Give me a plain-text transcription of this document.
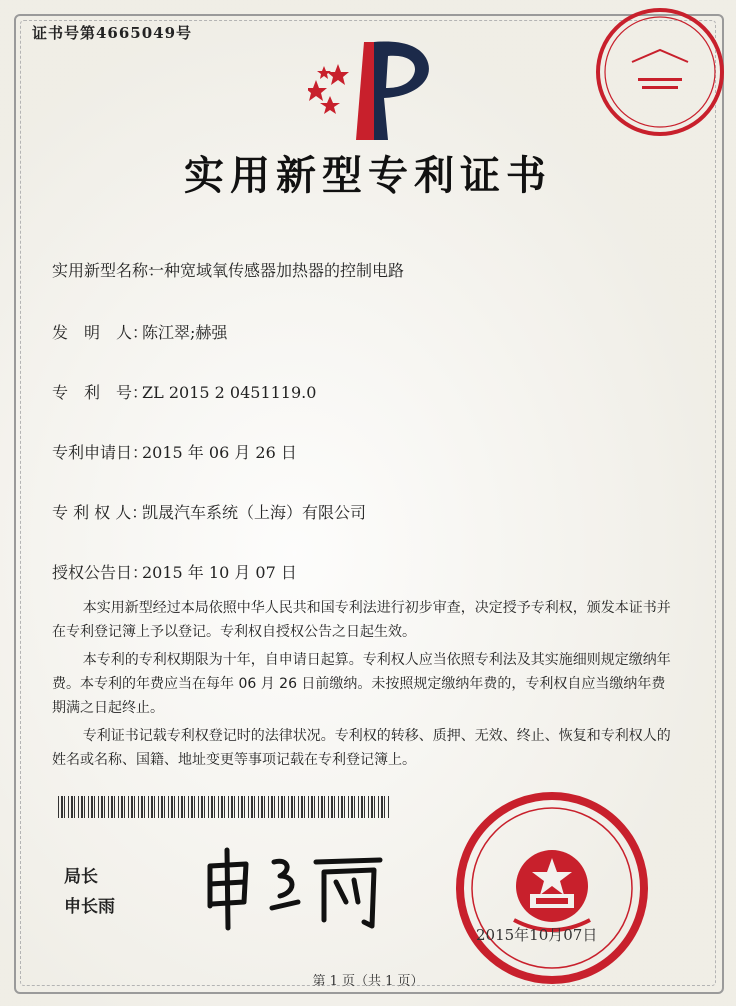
证书号第4665049号
实用新型专利证书
实用新型名称：一种宽域氧传感器加热器的控制电路
发　明　人：陈江翠;赫强
专　利　号：ZL 2015 2 0451119.0
专利申请日：2015 年 06 月 26 日
专 利 权 人：凯晟汽车系统（上海）有限公司
授权公告日：2015 年 10 月 07 日
本实用新型经过本局依照中华人民共和国专利法进行初步审查，决定授予专利权，颁发本证书并在专利登记簿上予以登记。专利权自授权公告之日起生效。
本专利的专利权期限为十年，自申请日起算。专利权人应当依照专利法及其实施细则规定缴纳年费。本专利的年费应当在每年 06 月 26 日前缴纳。未按照规定缴纳年费的，专利权自应当缴纳年费期满之日起终止。
专利证书记载专利权登记时的法律状况。专利权的转移、质押、无效、终止、恢复和专利权人的姓名或名称、国籍、地址变更等事项记载在专利登记簿上。
局长
申长雨
2015年10月07日
第 1 页（共 1 页）
